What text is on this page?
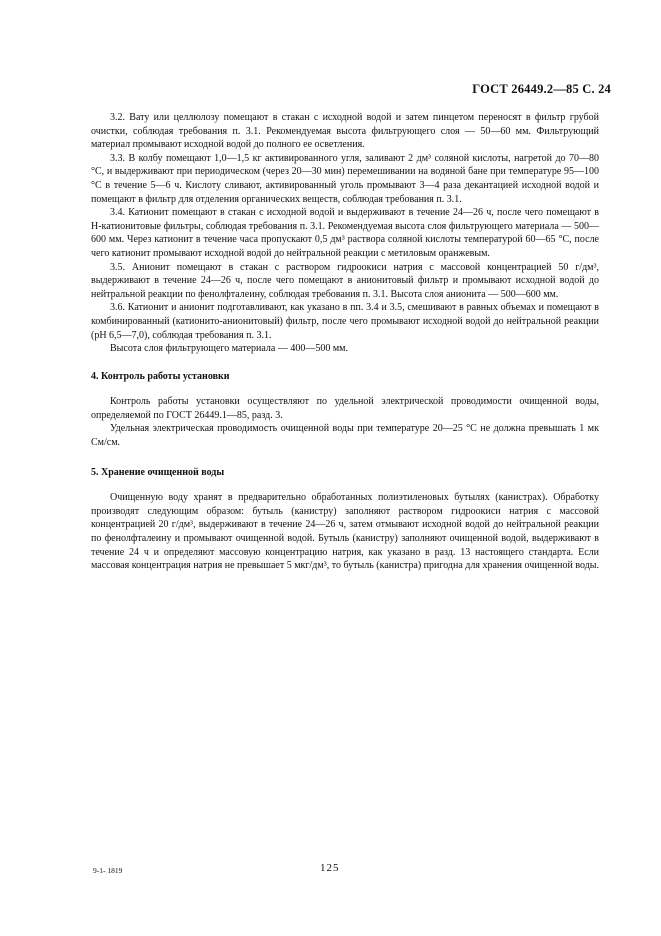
ГОСТ 26449.2—85 С. 24

3.2. Вату или целлюлозу помещают в стакан с исходной водой и затем пинцетом переносят в фильтр грубой очистки, соблюдая требования п. 3.1. Рекомендуемая высота фильтрующего слоя — 50—60 мм. Фильтрующий материал промывают исходной водой до полного ее осветления.

3.3. В колбу помещают 1,0—1,5 кг активированного угля, заливают 2 дм³ соляной кислоты, нагретой до 70—80 °С, и выдерживают при периодическом (через 20—30 мин) перемешивании на водяной бане при температуре 95—100 °С в течение 5—6 ч. Кислоту сливают, активированный уголь промывают 3—4 раза декантацией исходной водой и помещают в фильтр для отделения органических веществ, соблюдая требования п. 3.1.

3.4. Катионит помещают в стакан с исходной водой и выдерживают в течение 24—26 ч, после чего помещают в Н-катионитовые фильтры, соблюдая требования п. 3.1. Рекомендуемая высота слоя фильтрующего материала — 500—600 мм. Через катионит в течение часа пропускают 0,5 дм³ раствора соляной кислоты температурой 60—65 °С, после чего катионит промывают исходной водой до нейтральной реакции с метиловым оранжевым.

3.5. Анионит помещают в стакан с раствором гидроокиси натрия с массовой концентрацией 50 г/дм³, выдерживают в течение 24—26 ч, после чего помещают в анионитовый фильтр и промывают исходной водой до нейтральной реакции по фенолфталеину, соблюдая требования п. 3.1. Высота слоя анионита — 500—600 мм.

3.6. Катионит и анионит подготавливают, как указано в пп. 3.4 и 3.5, смешивают в равных объемах и помещают в комбинированный (катионито-анионитовый) фильтр, после чего промывают исходной водой до нейтральной реакции (рН 6,5—7,0), соблюдая требования п. 3.1.

Высота слоя фильтрующего материала — 400—500 мм.

4. Контроль работы установки

Контроль работы установки осуществляют по удельной электрической проводимости очищенной воды, определяемой по ГОСТ 26449.1—85, разд. 3.

Удельная электрическая проводимость очищенной воды при температуре 20—25 °С не должна превышать 1 мк См/см.

5. Хранение очищенной воды

Очищенную воду хранят в предварительно обработанных полиэтиленовых бутылях (канистрах). Обработку производят следующим образом: бутыль (канистру) заполняют раствором гидроокиси натрия с массовой концентрацией 20 г/дм³, выдерживают в течение 24—26 ч, затем отмывают исходной водой до нейтральной реакции по фенолфталеину и промывают очищенной водой. Бутыль (канистру) заполняют очищенной водой, выдерживают в течение 24 ч и определяют массовую концентрацию натрия, как указано в разд. 13 настоящего стандарта. Если массовая концентрация натрия не превышает 5 мкг/дм³, то бутыль (канистра) пригодна для хранения очищенной воды.

9-1- 1819	125
